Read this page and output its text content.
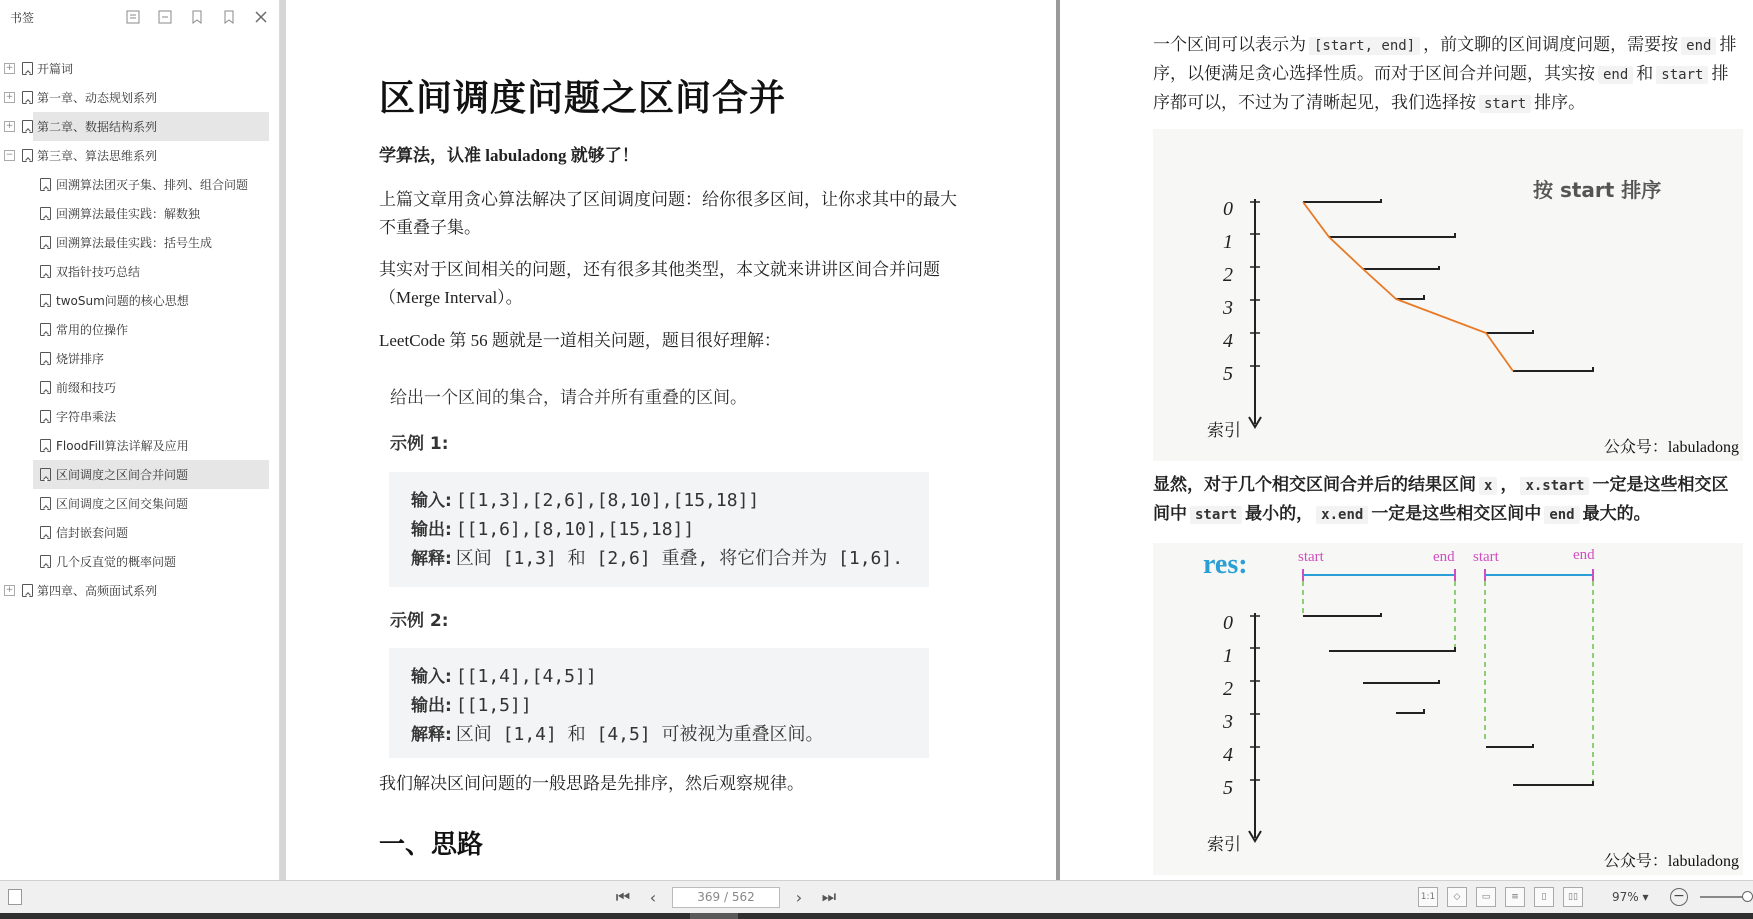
书签
+ 开篇词
+ 第一章、动态规划系列
+ 第二章、数据结构系列
− 第三章、算法思维系列
回溯算法团灭子集、排列、组合问题
回溯算法最佳实践：解数独
回溯算法最佳实践：括号生成
双指针技巧总结
twoSum问题的核心思想
常用的位操作
烧饼排序
前缀和技巧
字符串乘法
FloodFill算法详解及应用
区间调度之区间合并问题
区间调度之区间交集问题
信封嵌套问题
几个反直觉的概率问题
+ 第四章、高频面试系列
区间调度问题之区间合并
学算法，认准 labuladong 就够了！
上篇文章用贪心算法解决了区间调度问题：给你很多区间，让你求其中的最大不重叠子集。
其实对于区间相关的问题，还有很多其他类型，本文就来讲讲区间合并问题（Merge Interval）。
LeetCode 第 56 题就是一道相关问题，题目很好理解：
给出一个区间的集合，请合并所有重叠的区间。
示例 1:
输入: [[1,3],[2,6],[8,10],[15,18]]
输出: [[1,6],[8,10],[15,18]]
解释: 区间 [1,3] 和 [2,6] 重叠, 将它们合并为 [1,6].
示例 2:
输入: [[1,4],[4,5]]
输出: [[1,5]]
解释: 区间 [1,4] 和 [4,5] 可被视为重叠区间。
我们解决区间问题的一般思路是先排序，然后观察规律。
一、思路
一个区间可以表示为 [start, end] ，前文聊的区间调度问题，需要按 end 排序，以便满足贪心选择性质。而对于区间合并问题，其实按 end 和 start 排序都可以，不过为了清晰起见，我们选择按 start 排序。
按 start 排序
0
1
2
3
4
5
索引
公众号：labuladong
显然，对于几个相交区间合并后的结果区间 x ， x.start 一定是这些相交区间中 start 最小的， x.end 一定是这些相交区间中 end 最大的。
res:	start	end start	end
0
1
2
3
4
5
索引
公众号：labuladong
⏮	‹	369 / 562	›	⏭	1:1	◇	▭	≡	▯	▯▯	97% ▾ −
